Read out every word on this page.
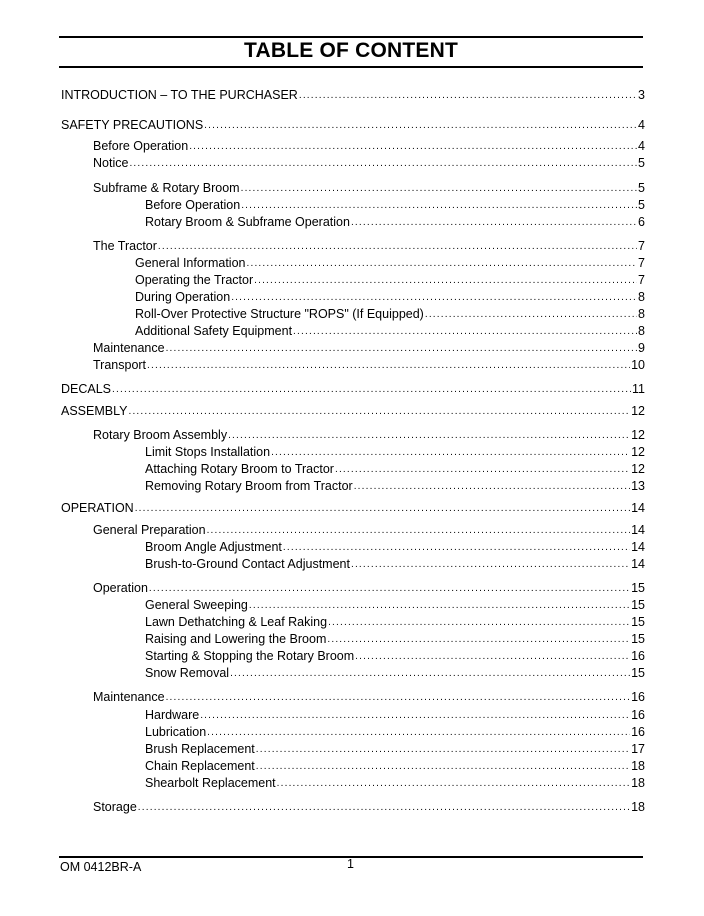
TABLE OF CONTENT
INTRODUCTION – TO THE PURCHASER .....	3
SAFETY PRECAUTIONS .....	4
Before Operation .....	4
Notice .....	5
Subframe & Rotary Broom .....	5
Before Operation .....	5
Rotary Broom & Subframe Operation .....	6
The Tractor .....	7
General Information .....	7
Operating the Tractor .....	7
During Operation .....	8
Roll-Over Protective Structure "ROPS" (If Equipped) .....	8
Additional Safety Equipment .....	8
Maintenance .....	9
Transport .....	10
DECALS .....	11
ASSEMBLY .....	12
Rotary Broom Assembly .....	12
Limit Stops Installation .....	12
Attaching Rotary Broom to Tractor .....	12
Removing Rotary Broom from Tractor .....	13
OPERATION .....	14
General Preparation .....	14
Broom Angle Adjustment .....	14
Brush-to-Ground Contact Adjustment .....	14
Operation .....	15
General Sweeping .....	15
Lawn Dethatching & Leaf Raking .....	15
Raising and Lowering the Broom .....	15
Starting & Stopping the Rotary Broom .....	16
Snow Removal .....	15
Maintenance .....	16
Hardware .....	16
Lubrication .....	16
Brush Replacement .....	17
Chain Replacement .....	18
Shearbolt Replacement .....	18
Storage .....	18
OM 0412BR-A	1
